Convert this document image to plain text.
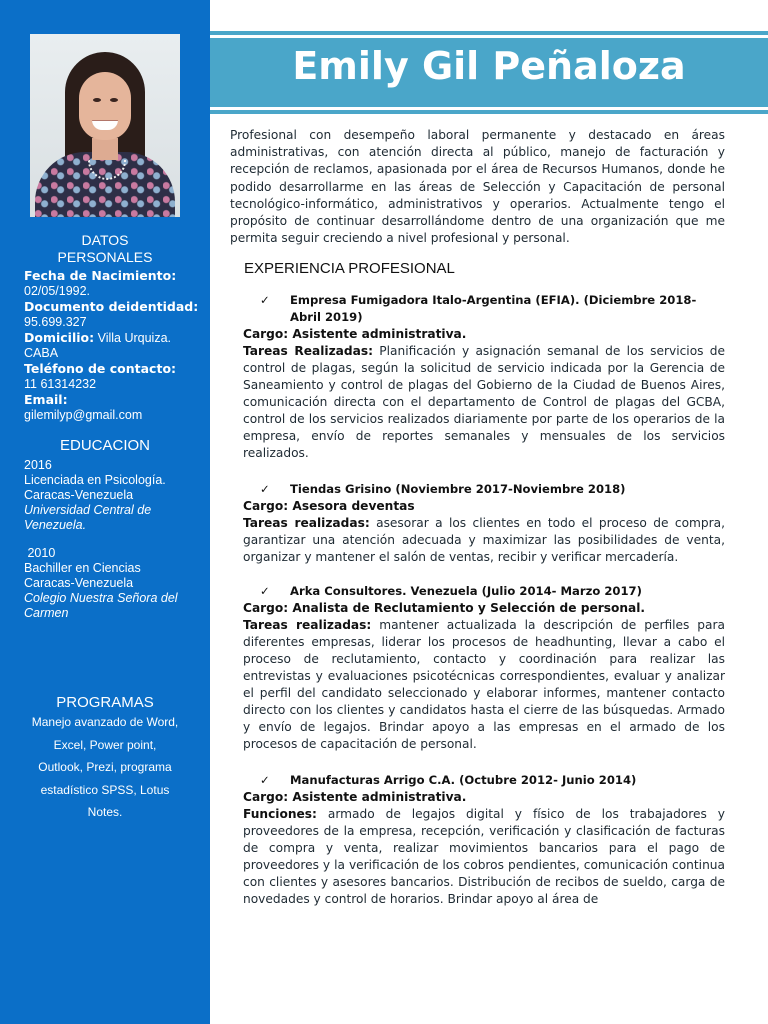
DATOS
PERSONALES
Fecha de Nacimiento:
02/05/1992.
Documento deidentidad:
95.699.327
Domicilio: Villa Urquiza. CABA
Teléfono de contacto:
11 61314232
Email:
gilemilyp@gmail.com
EDUCACION
2016
Licenciada en Psicología.
Caracas-Venezuela
Universidad Central de Venezuela.
2010
Bachiller en Ciencias
Caracas-Venezuela
Colegio Nuestra Señora del Carmen
PROGRAMAS
Manejo avanzado de Word, Excel, Power point, Outlook, Prezi, programa estadístico SPSS, Lotus Notes.
Emily Gil Peñaloza
Profesional con desempeño laboral permanente y destacado en áreas administrativas, con atención directa al público, manejo de facturación y recepción de reclamos, apasionada por el área de Recursos Humanos, donde he podido desarrollarme en las áreas de Selección y Capacitación de personal tecnológico-informático, administrativos y operarios. Actualmente tengo el propósito de continuar desarrollándome dentro de una organización que me permita seguir creciendo a nivel profesional y personal.
EXPERIENCIA PROFESIONAL
✓ Empresa Fumigadora Italo-Argentina (EFIA). (Diciembre 2018-Abril 2019)
Cargo: Asistente administrativa.
Tareas Realizadas: Planificación y asignación semanal de los servicios de control de plagas, según la solicitud de servicio indicada por la Gerencia de Saneamiento y control de plagas del Gobierno de la Ciudad de Buenos Aires, comunicación directa con el departamento de Control de plagas del GCBA, control de los servicios realizados diariamente por parte de los operarios de la empresa, envío de reportes semanales y mensuales de los servicios realizados.
✓ Tiendas Grisino (Noviembre 2017-Noviembre 2018)
Cargo: Asesora deventas
Tareas realizadas: asesorar a los clientes en todo el proceso de compra, garantizar una atención adecuada y maximizar las posibilidades de venta, organizar y mantener el salón de ventas, recibir y verificar mercadería.
✓ Arka Consultores. Venezuela (Julio 2014- Marzo 2017)
Cargo: Analista de Reclutamiento y Selección de personal.
Tareas realizadas: mantener actualizada la descripción de perfiles para diferentes empresas, liderar los procesos de headhunting, llevar a cabo el proceso de reclutamiento, contacto y coordinación para realizar las entrevistas y evaluaciones psicotécnicas correspondientes, evaluar y analizar el perfil del candidato seleccionado y elaborar informes, mantener contacto directo con los clientes y candidatos hasta el cierre de las búsquedas. Armado y envío de legajos. Brindar apoyo a las empresas en el armado de los procesos de capacitación de personal.
✓ Manufacturas Arrigo C.A. (Octubre 2012- Junio 2014)
Cargo: Asistente administrativa.
Funciones: armado de legajos digital y físico de los trabajadores y proveedores de la empresa, recepción, verificación y clasificación de facturas de compra y venta, realizar movimientos bancarios para el pago de proveedores y la verificación de los cobros pendientes, comunicación continua con clientes y asesores bancarios. Distribución de recibos de sueldo, carga de novedades y control de horarios. Brindar apoyo al área de
